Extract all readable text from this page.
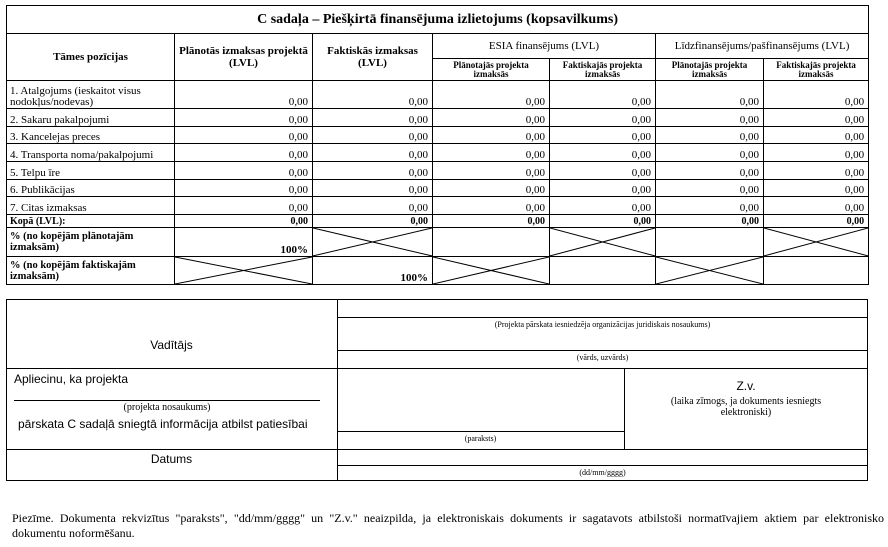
C sadaļa – Piešķirtā finansējuma izlietojums (kopsavilkums)						
Tāmes pozīcijas	Plānotās izmaksas projektā (LVL)	Faktiskās izmaksas (LVL)	ESIA finansējums (LVL)		Līdzfinansējums/pašfinansējums (LVL)	
			Plānotajās projekta izmaksās	Faktiskajās projekta izmaksās	Plānotajās projekta izmaksās	Faktiskajās projekta izmaksās
1. Atalgojums (ieskaitot visus nodokļus/nodevas)	0,00	0,00	0,00	0,00	0,00	0,00
2. Sakaru pakalpojumi	0,00	0,00	0,00	0,00	0,00	0,00
3. Kancelejas preces	0,00	0,00	0,00	0,00	0,00	0,00
4. Transporta noma/pakalpojumi	0,00	0,00	0,00	0,00	0,00	0,00
5. Telpu īre	0,00	0,00	0,00	0,00	0,00	0,00
6. Publikācijas	0,00	0,00	0,00	0,00	0,00	0,00
7. Citas izmaksas	0,00	0,00	0,00	0,00	0,00	0,00
Kopā (LVL):	0,00	0,00	0,00	0,00	0,00	0,00
% (no kopējām plānotajām izmaksām)	100%	

% (no kopējām faktiskajām izmaksām)		100%	

(Projekta pārskata iesniedzēja organizācijas juridiskais nosaukums)
Vadītājs
(vārds, uzvārds)
Apliecinu, ka projekta
(projekta nosaukums)
pārskata C sadaļā sniegtā informācija atbilst patiesībai
(paraksts)
Z.v.
(laika zīmogs, ja dokuments iesniegts elektroniski)
Datums
(dd/mm/gggg)
Piezīme. Dokumenta rekvizītus "paraksts", "dd/mm/gggg" un "Z.v." neaizpilda, ja elektroniskais dokuments ir sagatavots atbilstoši normatīvajiem aktiem par elektronisko dokumentu noformēšanu.
